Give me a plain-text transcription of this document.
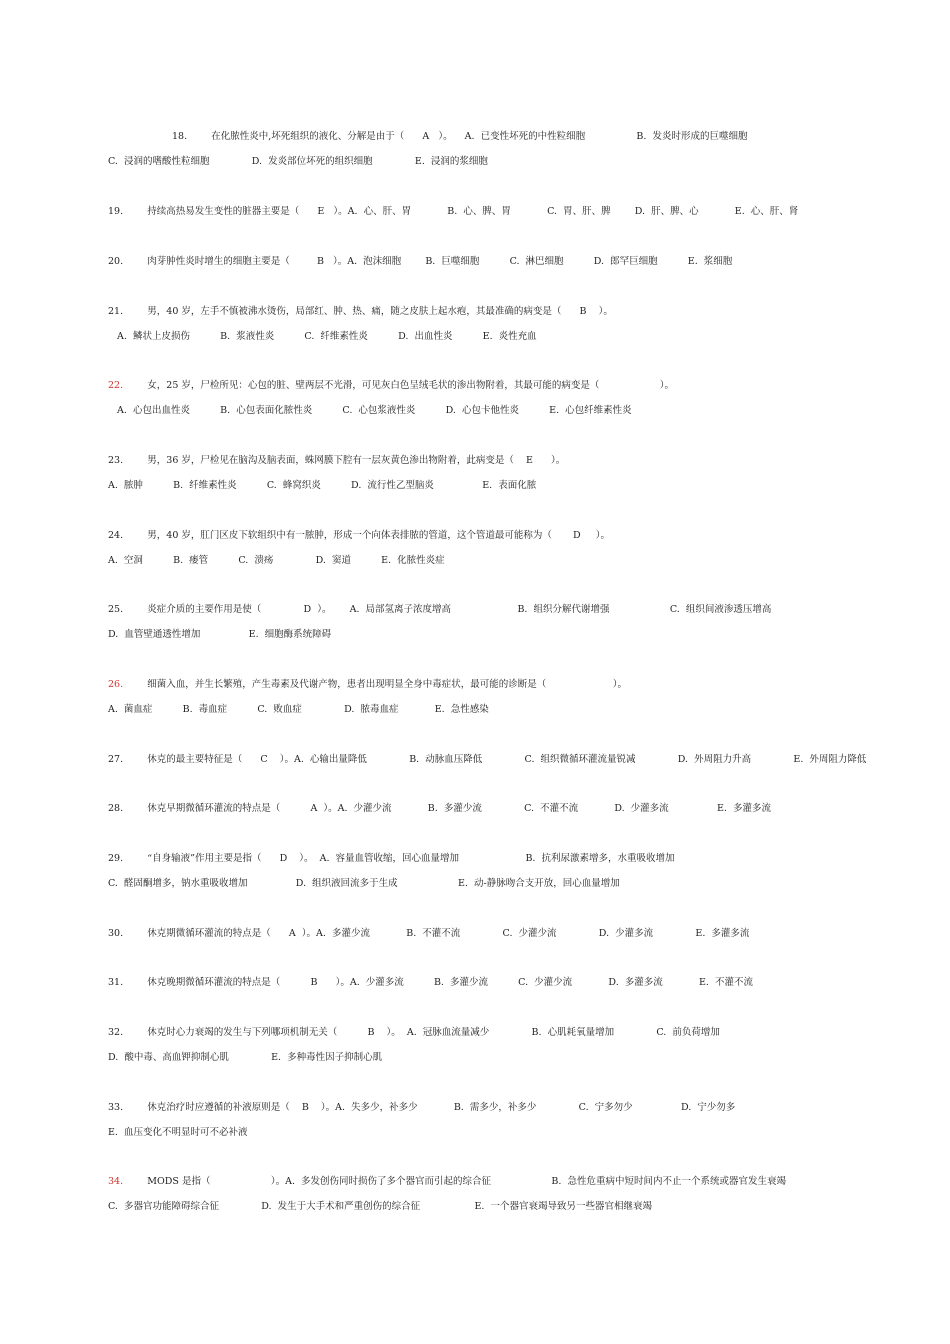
18.	在化脓性炎中,坏死组织的液化、分解是由于（      A   ）。    A.  已变性坏死的中性粒细胞                 B.  发炎时形成的巨噬细胞
C.  浸润的嗜酸性粒细胞              D.  发炎部位坏死的组织细胞              E.  浸润的浆细胞
19.	持续高热易发生变性的脏器主要是（      E   ）。A.  心、肝、胃            B.  心、脾、胃            C.  胃、肝、脾        D.  肝、脾、心            E.  心、肝、肾
20.	肉芽肿性炎时增生的细胞主要是（         B   ）。A.  泡沫细胞        B.  巨噬细胞          C.  淋巴细胞          D.  郎罕巨细胞          E.  浆细胞
21.	男，40 岁，左手不慎被沸水烫伤，局部红、肿、热、痛，随之皮肤上起水疱，其最准确的病变是（      B    ）。
A.  鳞状上皮损伤          B.  浆液性炎          C.  纤维素性炎          D.  出血性炎          E.  炎性充血
22.	女，25 岁，尸检所见：心包的脏、壁两层不光滑，可见灰白色呈绒毛状的渗出物附着，其最可能的病变是（                    ）。
A.  心包出血性炎          B.  心包表面化脓性炎          C.  心包浆液性炎          D.  心包卡他性炎          E.  心包纤维素性炎
23.	男，36 岁，尸检见在脑沟及脑表面，蛛网膜下腔有一层灰黄色渗出物附着，此病变是（    E      ）。
A.  脓肿          B.  纤维素性炎          C.  蜂窝织炎          D.  流行性乙型脑炎                E.  表面化脓
24.	男，40 岁，肛门区皮下软组织中有一脓肿，形成一个向体表排脓的管道，这个管道最可能称为（       D     ）。
A.  空洞          B.  瘘管          C.  溃疡              D.  窦道          E.  化脓性炎症
25.	炎症介质的主要作用是使（              D  ）。      A.  局部氢离子浓度增高                      B.  组织分解代谢增强                    C.  组织间液渗透压增高
D.  血管壁通透性增加                E.  细胞酶系统障碍
26.	细菌入血，并生长繁殖，产生毒素及代谢产物，患者出现明显全身中毒症状，最可能的诊断是（                      ）。
A.  菌血症          B.  毒血症          C.  败血症              D.  脓毒血症            E.  急性感染
27.	休克的最主要特征是（      C    ）。A.  心输出量降低              B.  动脉血压降低              C.  组织微循环灌流量锐减              D.  外周阻力升高              E.  外周阻力降低
28.	休克早期微循环灌流的特点是（          A  ）。A.  少灌少流            B.  多灌少流              C.  不灌不流            D.  少灌多流                E.  多灌多流
29.	“自身输液”作用主要是指（      D    ）。  A.  容量血管收缩，回心血量增加                      B.  抗利尿激素增多，水重吸收增加
C.  醛固酮增多，钠水重吸收增加                D.  组织液回流多于生成                    E.  动-静脉吻合支开放，回心血量增加
30.	休克期微循环灌流的特点是（      A  ）。A.  多灌少流            B.  不灌不流              C.  少灌少流              D.  少灌多流              E.  多灌多流
31.	休克晚期微循环灌流的特点是（          B      ）。A.  少灌多流          B.  多灌少流          C.  少灌少流            D.  多灌多流            E.  不灌不流
32.	休克时心力衰竭的发生与下列哪项机制无关（          B    ）。  A.  冠脉血流量减少              B.  心肌耗氧量增加              C.  前负荷增加
D.  酸中毒、高血钾抑制心肌              E.  多种毒性因子抑制心肌
33.	休克治疗时应遵循的补液原则是（    B    ）。A.  失多少，补多少            B.  需多少，补多少              C.  宁多勿少                D.  宁少勿多
E.  血压变化不明显时可不必补液
34.	MODS 是指（                    ）。A.  多发创伤同时损伤了多个器官而引起的综合征                    B.  急性危重病中短时间内不止一个系统或器官发生衰竭
C.  多器官功能障碍综合征              D.  发生于大手术和严重创伤的综合征                  E.  一个器官衰竭导致另一些器官相继衰竭
